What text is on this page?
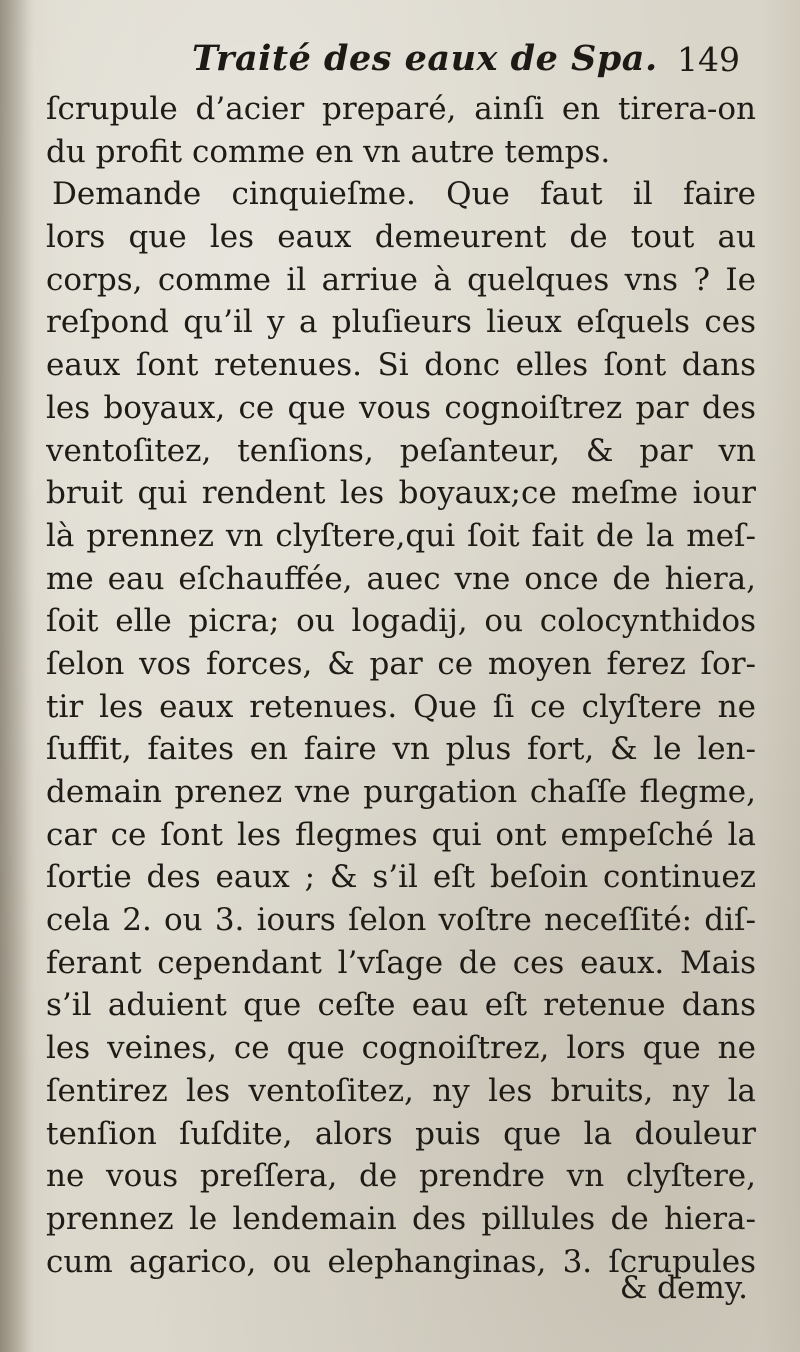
Traité des eaux de Spa. 149
ſcrupule d’acier preparé, ainſi en tirera-on
du profit comme en vn autre temps.
Demande cinquieſme. Que faut il faire
lors que les eaux demeurent de tout au
corps, comme il arriue à quelques vns ? Ie
reſpond qu’il y a pluſieurs lieux eſquels ces
eaux ſont retenues. Si donc elles ſont dans
les boyaux, ce que vous cognoiſtrez par des
ventoſitez, tenſions, peſanteur, & par vn
bruit qui rendent les boyaux;ce meſme iour
là prennez vn clyſtere,qui ſoit fait de la meſ-
me eau eſchauffée, auec vne once de hiera,
ſoit elle picra; ou logadij, ou colocynthidos
ſelon vos forces, & par ce moyen ferez ſor-
tir les eaux retenues. Que ſi ce clyſtere ne
ſuffit, faites en faire vn plus fort, & le len-
demain prenez vne purgation chaſſe flegme,
car ce ſont les flegmes qui ont empeſché la
ſortie des eaux ; & s’il eſt beſoin continuez
cela 2. ou 3. iours ſelon voſtre neceſſité: diſ-
ferant cependant l’vſage de ces eaux. Mais
s’il aduient que ceſte eau eſt retenue dans
les veines, ce que cognoiſtrez, lors que ne
ſentirez les ventoſitez, ny les bruits, ny la
tenſion ſuſdite, alors puis que la douleur
ne vous preſſera, de prendre vn clyſtere,
prennez le lendemain des pillules de hiera-
cum agarico, ou elephanginas, 3. ſcrupules
& demy.
